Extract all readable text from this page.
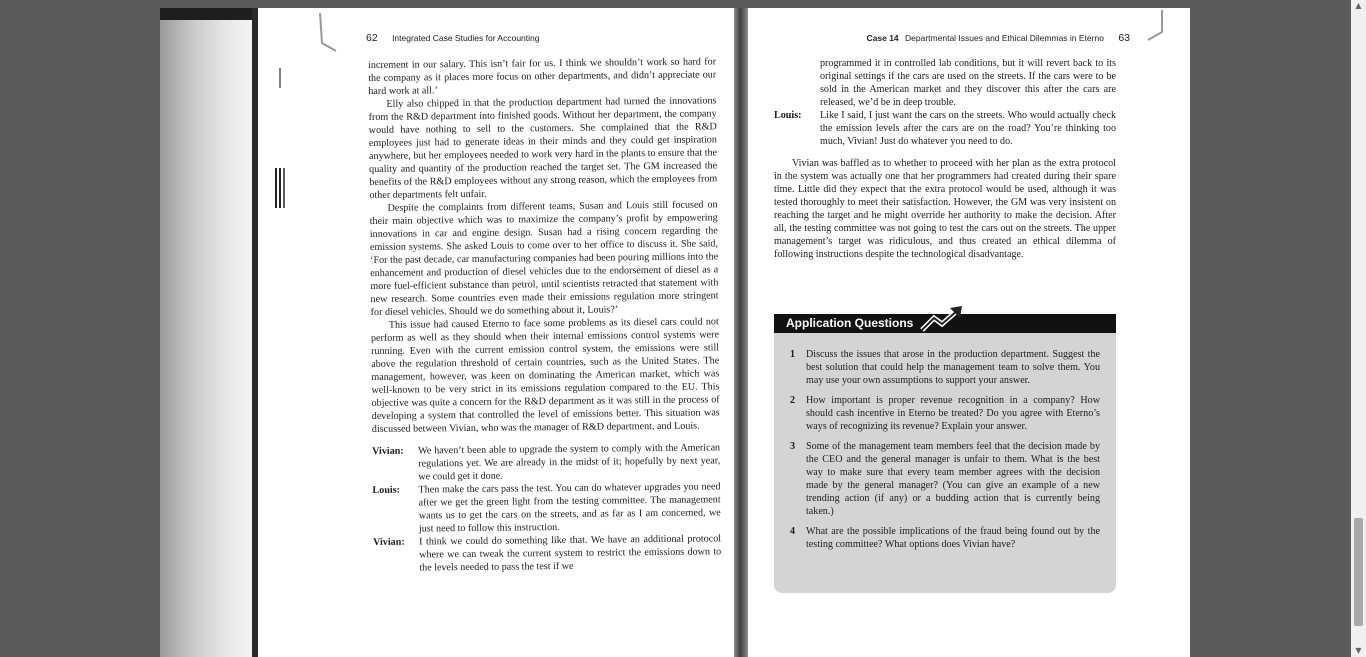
62 Integrated Case Studies for Accounting

increment in our salary. This isn’t fair for us. I think we shouldn’t work so hard for the company as it places more focus on other departments, and didn’t appreciate our hard work at all.’

Elly also chipped in that the production department had turned the innovations from the R&D department into finished goods. Without her department, the company would have nothing to sell to the customers. She complained that the R&D employees just had to generate ideas in their minds and they could get inspiration anywhere, but her employees needed to work very hard in the plants to ensure that the quality and quantity of the production reached the target set. The GM increased the benefits of the R&D employees without any strong reason, which the employees from other departments felt unfair.

Despite the complaints from different teams, Susan and Louis still focused on their main objective which was to maximize the company’s profit by empowering innovations in car and engine design. Susan had a rising concern regarding the emission systems. She asked Louis to come over to her office to discuss it. She said, ‘For the past decade, car manufacturing companies had been pouring millions into the enhancement and production of diesel vehicles due to the endorsement of diesel as a more fuel-efficient substance than petrol, until scientists retracted that statement with new research. Some countries even made their emissions regulation more stringent for diesel vehicles. Should we do something about it, Louis?’

This issue had caused Eterno to face some problems as its diesel cars could not perform as well as they should when their internal emissions control systems were running. Even with the current emission control system, the emissions were still above the regulation threshold of certain countries, such as the United States. The management, however, was keen on dominating the American market, which was well-known to be very strict in its emissions regulation compared to the EU. This objective was quite a concern for the R&D department as it was still in the process of developing a system that controlled the level of emissions better. This situation was discussed between Vivian, who was the manager of R&D department, and Louis.

Vivian:	We haven’t been able to upgrade the system to comply with the American regulations yet. We are already in the midst of it; hopefully by next year, we could get it done.
Louis:	Then make the cars pass the test. You can do whatever upgrades you need after we get the green light from the testing committee. The management wants us to get the cars on the streets, and as far as I am concerned, we just need to follow this instruction.
Vivian:	I think we could do something like that. We have an additional protocol where we can tweak the current system to restrict the emissions down to the levels needed to pass the test if we
Case 14 Departmental Issues and Ethical Dilemmas in Eterno 63

programmed it in controlled lab conditions, but it will revert back to its original settings if the cars are used on the streets. If the cars were to be sold in the American market and they discover this after the cars are released, we’d be in deep trouble.

Louis:	Like I said, I just want the cars on the streets. Who would actually check the emission levels after the cars are on the road? You’re thinking too much, Vivian! Just do whatever you need to do.

Vivian was baffled as to whether to proceed with her plan as the extra protocol in the system was actually one that her programmers had created during their spare time. Little did they expect that the extra protocol would be used, although it was tested thoroughly to meet their satisfaction. However, the GM was very insistent on reaching the target and he might override her authority to make the decision. After all, the testing committee was not going to test the cars out on the streets. The upper management’s target was ridiculous, and thus created an ethical dilemma of following instructions despite the technological disadvantage.

Application Questions
1	Discuss the issues that arose in the production department. Suggest the best solution that could help the management team to solve them. You may use your own assumptions to support your answer.
2	How important is proper revenue recognition in a company? How should cash incentive in Eterno be treated? Do you agree with Eterno’s ways of recognizing its revenue? Explain your answer.
3	Some of the management team members feel that the decision made by the CEO and the general manager is unfair to them. What is the best way to make sure that every team member agrees with the decision made by the general manager? (You can give an example of a new trending action (if any) or a budding action that is currently being taken.)
4	What are the possible implications of the fraud being found out by the testing committee? What options does Vivian have?
▲
▼
